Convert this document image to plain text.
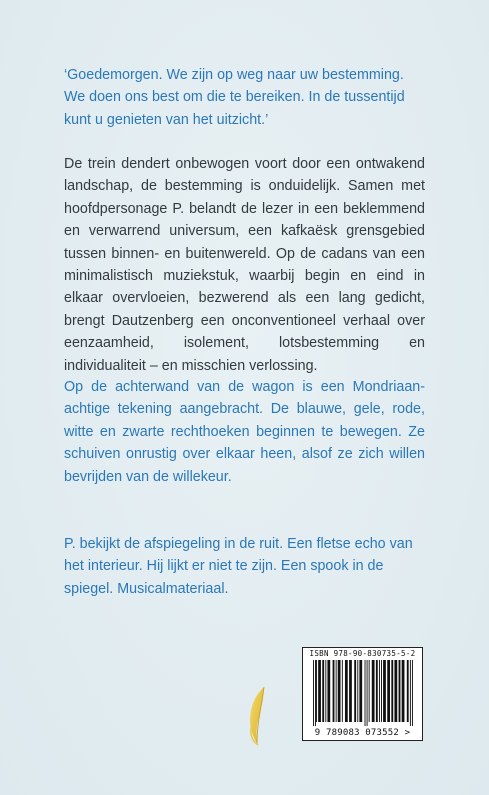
‘Goedemorgen. We zijn op weg naar uw bestemming. We doen ons best om die te bereiken. In de tussentijd kunt u genieten van het uitzicht.’

De trein dendert onbewogen voort door een ontwakend landschap, de bestemming is onduidelijk. Samen met hoofdpersonage P. belandt de lezer in een beklemmend en verwarrend universum, een kafkaësk grensgebied tussen binnen- en buitenwereld. Op de cadans van een minimalistisch muziekstuk, waarbij begin en eind in elkaar overvloeien, bezwerend als een lang gedicht, brengt Dautzenberg een onconventioneel verhaal over eenzaamheid, isolement, lotsbestemming en individualiteit – en misschien verlossing.

Op de achterwand van de wagon is een Mondriaan-achtige tekening aangebracht. De blauwe, gele, rode, witte en zwarte rechthoeken beginnen te bewegen. Ze schuiven onrustig over elkaar heen, alsof ze zich willen bevrijden van de willekeur.

P. bekijkt de afspiegeling in de ruit. Een fletse echo van het interieur. Hij lijkt er niet te zijn. Een spook in de spiegel. Musicalmateriaal.

ISBN 978-90-830735-5-2
9 789083 073552 >
